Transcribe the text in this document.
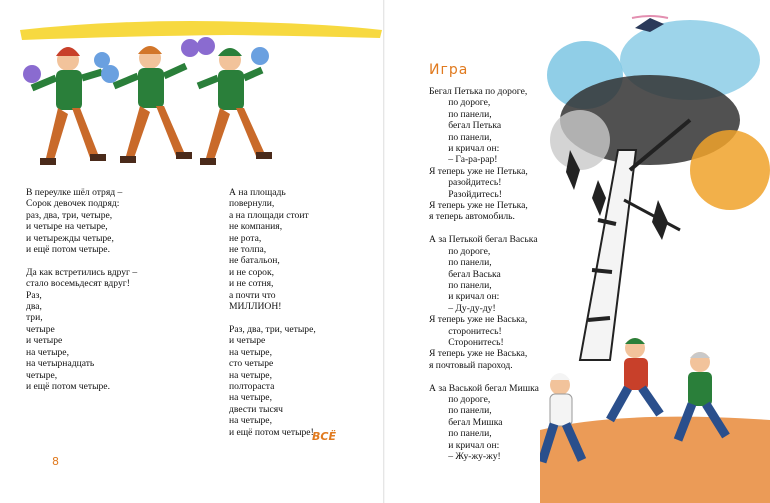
В переулке шёл отряд –
Сорок девочек подряд:
раз, два, три, четыре,
и четыре на четыре,
и четырежды четыре,
и ещё потом четыре.

Да как встретились вдруг –
стало восемьдесят вдруг!
Раз,
два,
три,
четыре
и четыре
на четыре,
на четырнадцать
четыре,
и ещё потом четыре.
А на площадь
повернули,
а на площади стоит
не компания,
не рота,
не толпа,
не батальон,
и не сорок,
и не сотня,
а почти что
МИЛЛИОН!

Раз, два, три, четыре,
и четыре
на четыре,
сто четыре
на четыре,
полтораста
на четыре,
двести тысяч
на четыре,
и ещё потом четыре!
ВСЁ
8
Игра
Бегал Петька по дороге,
по дороге,
по панели,
бегал Петька
по панели,
и кричал он:
– Га-ра-рар!
Я теперь уже не Петька,
разойдитесь!
Разойдитесь!
Я теперь уже не Петька,
я теперь автомобиль.

А за Петькой бегал Васька
по дороге,
по панели,
бегал Васька
по панели,
и кричал он:
– Ду-ду-ду!
Я теперь уже не Васька,
сторонитесь!
Сторонитесь!
Я теперь уже не Васька,
я почтовый пароход.

А за Васькой бегал Мишка
по дороге,
по панели,
бегал Мишка
по панели,
и кричал он:
– Жу-жу-жу!
